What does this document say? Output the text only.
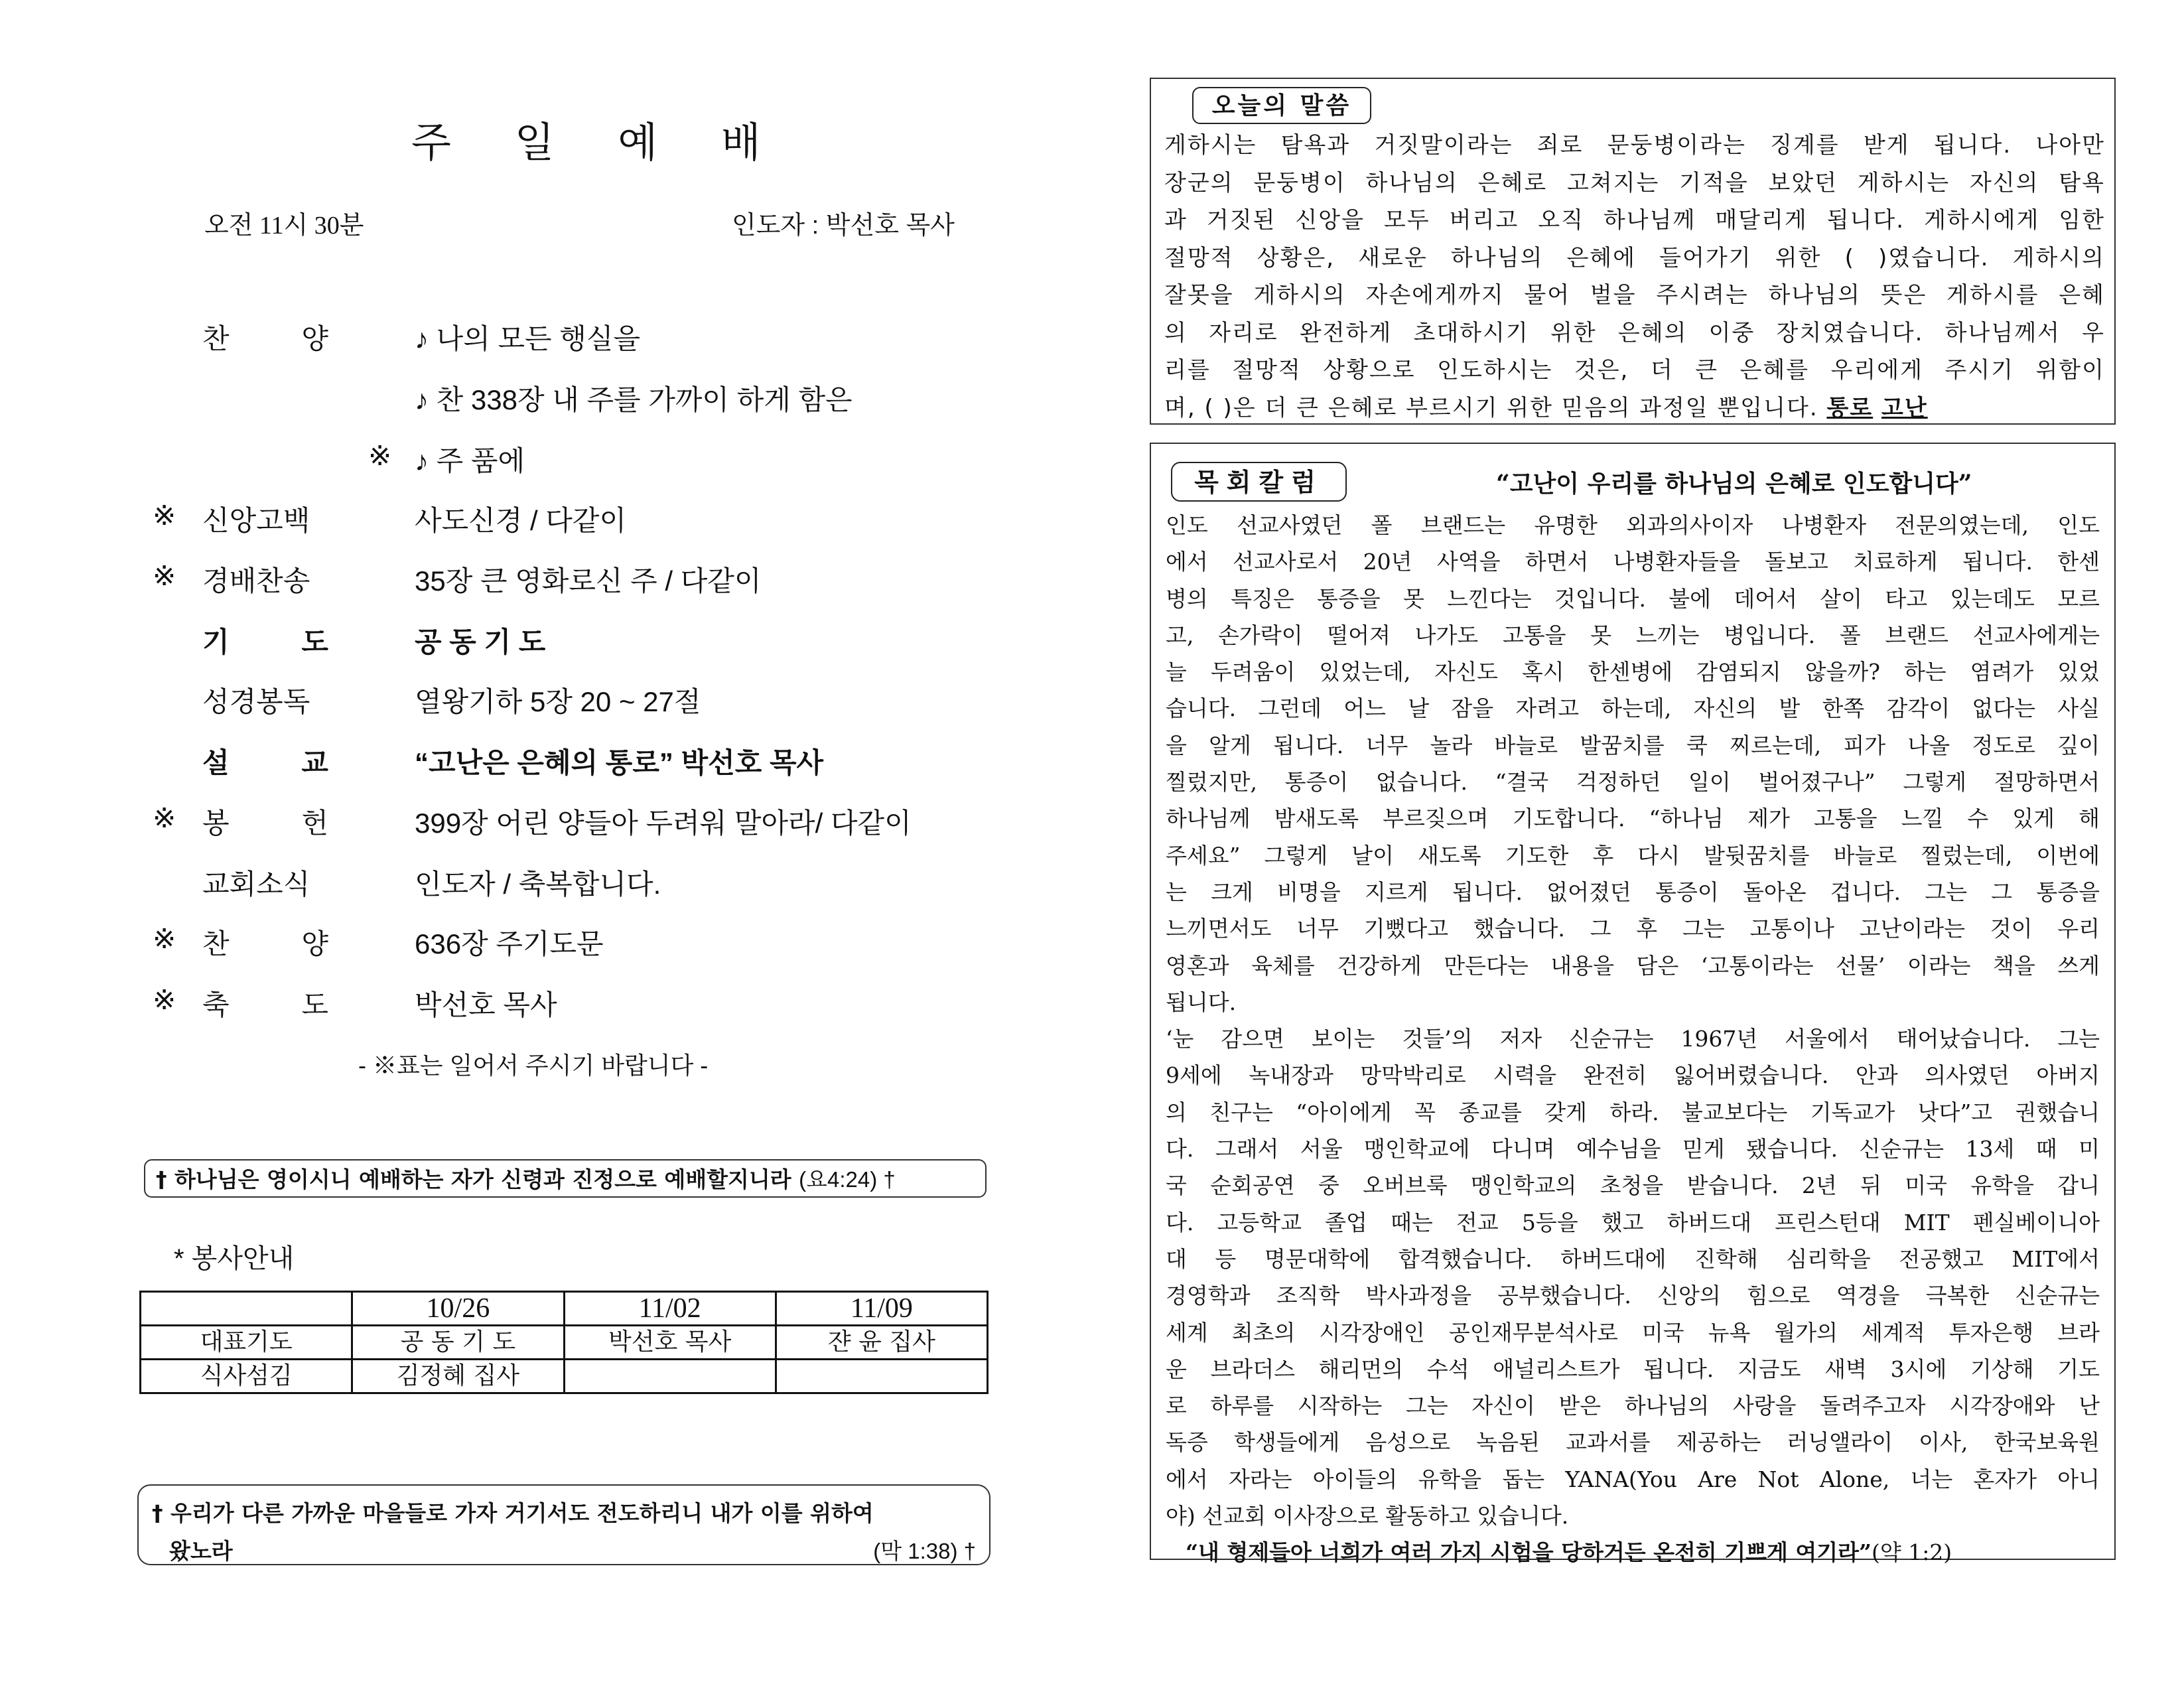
주 일 예 배
오전 11시 30분	인도자 : 박선호 목사
찬	양	♪ 나의 모든 행실을
♪ 찬 338장 내 주를 가까이 하게 함은
※ ♪ 주 품에
※ 신앙고백	사도신경 / 다같이
※ 경배찬송	35장 큰 영화로신 주 / 다같이
기	도	공 동 기 도
성경봉독	열왕기하 5장 20 ~ 27절
설	교	“고난은 은혜의 통로” 박선호 목사
※ 봉	헌	399장 어린 양들아 두려워 말아라/ 다같이
교회소식	인도자 / 축복합니다.
※ 찬	양	636장 주기도문
※ 축	도	박선호 목사
- ※표는 일어서 주시기 바랍니다 -
† 하나님은 영이시니 예배하는 자가 신령과 진정으로 예배할지니라 (요4:24) †
* 봉사안내
	10/26	11/02	11/09
대표기도	공 동 기 도	박선호 목사	쟌 윤 집사
식사섬김	김정혜 집사		
† 우리가 다른 가까운 마을들로 가자 거기서도 전도하리니 내가 이를 위하여
왔노라	(막 1:38) †
오늘의 말씀
게하시는 탐욕과 거짓말이라는 죄로 문둥병이라는 징계를 받게 됩니다. 나아만
장군의 문둥병이 하나님의 은혜로 고쳐지는 기적을 보았던 게하시는 자신의 탐욕
과 거짓된 신앙을 모두 버리고 오직 하나님께 매달리게 됩니다. 게하시에게 임한
절망적 상황은, 새로운 하나님의 은혜에 들어가기 위한 ( )였습니다. 게하시의
잘못을 게하시의 자손에게까지 물어 벌을 주시려는 하나님의 뜻은 게하시를 은혜
의 자리로 완전하게 초대하시기 위한 은혜의 이중 장치였습니다. 하나님께서 우
리를 절망적 상황으로 인도하시는 것은, 더 큰 은혜를 우리에게 주시기 위함이
며, ( )은 더 큰 은혜로 부르시기 위한 믿음의 과정일 뿐입니다. 통로 고난
목회칼럼	“고난이 우리를 하나님의 은혜로 인도합니다”
인도 선교사였던 폴 브랜드는 유명한 외과의사이자 나병환자 전문의였는데, 인도
에서 선교사로서 20년 사역을 하면서 나병환자들을 돌보고 치료하게 됩니다. 한센
병의 특징은 통증을 못 느낀다는 것입니다. 불에 데어서 살이 타고 있는데도 모르
고, 손가락이 떨어져 나가도 고통을 못 느끼는 병입니다. 폴 브랜드 선교사에게는
늘 두려움이 있었는데, 자신도 혹시 한센병에 감염되지 않을까? 하는 염려가 있었
습니다. 그런데 어느 날 잠을 자려고 하는데, 자신의 발 한쪽 감각이 없다는 사실
을 알게 됩니다. 너무 놀라 바늘로 발꿈치를 쿡 찌르는데, 피가 나올 정도로 깊이
찔렀지만, 통증이 없습니다. “결국 걱정하던 일이 벌어졌구나” 그렇게 절망하면서
하나님께 밤새도록 부르짖으며 기도합니다. “하나님 제가 고통을 느낄 수 있게 해
주세요” 그렇게 날이 새도록 기도한 후 다시 발뒷꿈치를 바늘로 찔렀는데, 이번에
는 크게 비명을 지르게 됩니다. 없어졌던 통증이 돌아온 겁니다. 그는 그 통증을
느끼면서도 너무 기뻤다고 했습니다. 그 후 그는 고통이나 고난이라는 것이 우리
영혼과 육체를 건강하게 만든다는 내용을 담은 ‘고통이라는 선물’ 이라는 책을 쓰게
됩니다.
‘눈 감으면 보이는 것들’의 저자 신순규는 1967년 서울에서 태어났습니다. 그는
9세에 녹내장과 망막박리로 시력을 완전히 잃어버렸습니다. 안과 의사였던 아버지
의 친구는 “아이에게 꼭 종교를 갖게 하라. 불교보다는 기독교가 낫다”고 권했습니
다. 그래서 서울 맹인학교에 다니며 예수님을 믿게 됐습니다. 신순규는 13세 때 미
국 순회공연 중 오버브룩 맹인학교의 초청을 받습니다. 2년 뒤 미국 유학을 갑니
다. 고등학교 졸업 때는 전교 5등을 했고 하버드대 프린스턴대 MIT 펜실베이니아
대 등 명문대학에 합격했습니다. 하버드대에 진학해 심리학을 전공했고 MIT에서
경영학과 조직학 박사과정을 공부했습니다. 신앙의 힘으로 역경을 극복한 신순규는
세계 최초의 시각장애인 공인재무분석사로 미국 뉴욕 월가의 세계적 투자은행 브라
운 브라더스 해리먼의 수석 애널리스트가 됩니다. 지금도 새벽 3시에 기상해 기도
로 하루를 시작하는 그는 자신이 받은 하나님의 사랑을 돌려주고자 시각장애와 난
독증 학생들에게 음성으로 녹음된 교과서를 제공하는 러닝앨라이 이사, 한국보육원
에서 자라는 아이들의 유학을 돕는 YANA(You Are Not Alone, 너는 혼자가 아니
야) 선교회 이사장으로 활동하고 있습니다.
“내 형제들아 너희가 여러 가지 시험을 당하거든 온전히 기쁘게 여기라”(약 1:2)
